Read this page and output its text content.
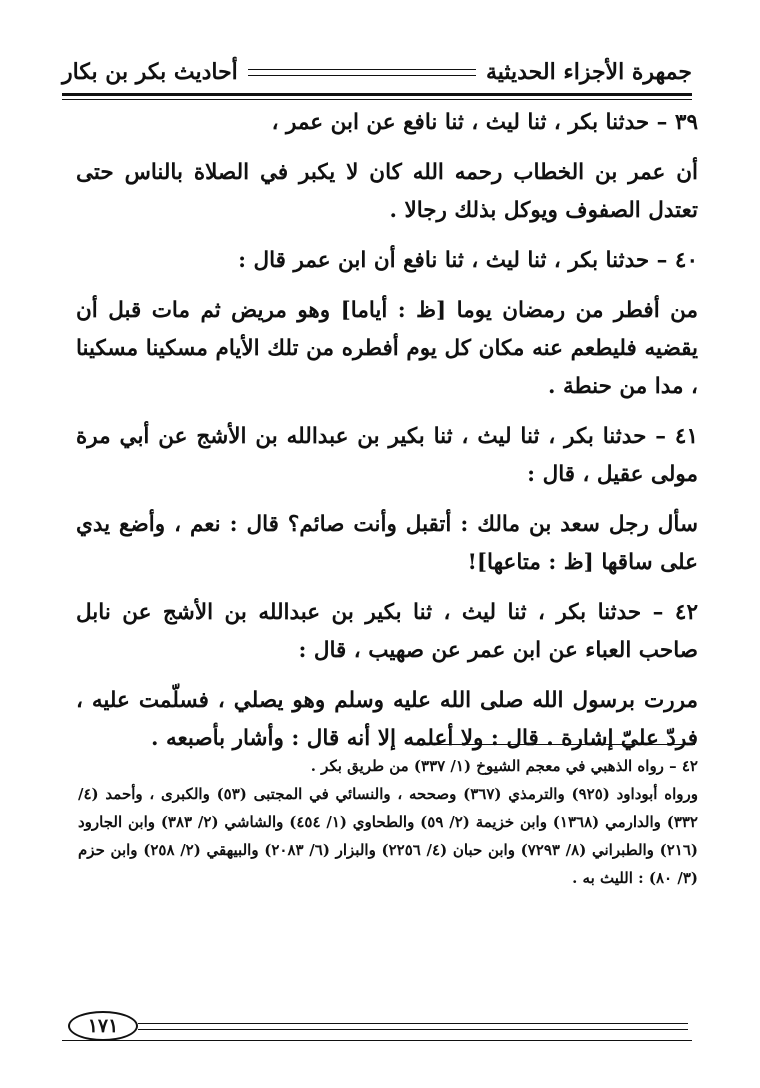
جمهرة الأجزاء الحديثية
أحاديث بكر بن بكار

٣٩ – حدثنا بكر ، ثنا ليث ، ثنا نافع عن ابن عمر ،

أن عمر بن الخطاب رحمه الله كان لا يكبر في الصلاة بالناس حتى تعتدل الصفوف ويوكل بذلك رجالا .

٤٠ – حدثنا بكر ، ثنا ليث ، ثنا نافع أن ابن عمر قال :

من أفطر من رمضان يوما [ظ : أياما] وهو مريض ثم مات قبل أن يقضيه فليطعم عنه مكان كل يوم أفطره من تلك الأيام مسكينا مسكينا ، مدا من حنطة .

٤١ – حدثنا بكر ، ثنا ليث ، ثنا بكير بن عبدالله بن الأشج عن أبي مرة مولى عقيل ، قال :

سأل رجل سعد بن مالك : أتقبل وأنت صائم؟ قال : نعم ، وأضع يدي على ساقها [ظ : متاعها]!

٤٢ – حدثنا بكر ، ثنا ليث ، ثنا بكير بن عبدالله بن الأشج عن نابل صاحب العباء عن ابن عمر عن صهيب ، قال :

مررت برسول الله صلى الله عليه وسلم وهو يصلي ، فسلّمت عليه ، فردّ عليّ إشارة . قال : ولا أعلمه إلا أنه قال : وأشار بأصبعه .

٤٢ – رواه الذهبي في معجم الشيوخ (١/ ٣٣٧) من طريق بكر .

ورواه أبوداود (٩٢٥) والترمذي (٣٦٧) وصححه ، والنسائي في المجتبى (٥٣) والكبرى ، وأحمد (٤/ ٣٣٢) والدارمي (١٣٦٨) وابن خزيمة (٢/ ٥٩) والطحاوي (١/ ٤٥٤) والشاشي (٢/ ٣٨٣) وابن الجارود (٢١٦) والطبراني (٨/ ٧٢٩٣) وابن حبان (٤/ ٢٢٥٦) والبزار (٦/ ٢٠٨٣) والبيهقي (٢/ ٢٥٨) وابن حزم (٣/ ٨٠) : الليث به .

١٧١
